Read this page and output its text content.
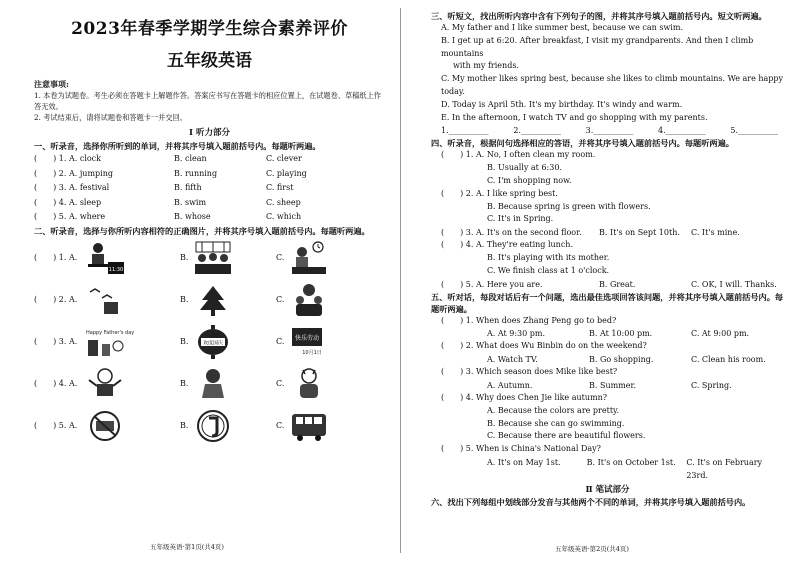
2023年春季学期学生综合素养评价
五年级英语
注意事项:
1. 本卷为试题卷。考生必须在答题卡上解题作答。答案应书写在答题卡的相应位置上，在试题卷、草稿纸上作答无效。
2. 考试结束后，请将试题卷和答题卡一并交回。
Ⅰ 听力部分
一、听录音，选择你所听到的单词，并将其序号填入题前括号内。每题听两遍。
(　　) 1. A. clock	B. clean	C. clever
(　　) 2. A. jumping	B. running	C. playing
(　　) 3. A. festival	B. fifth	C. first
(　　) 4. A. sleep	B. swim	C. sheep
(　　) 5. A. where	B. whose	C. which
二、听录音，选择与你所听内容相符的正确图片，并将其序号填入题前括号内。每题听两遍。
(　　) 1. A.
11:30
B.	C.
(　　) 2. A.	B.	C.
(　　) 3. A.
Happy Father's day
B.	欢度国庆	C.	快乐劳动
10月1日
(　　) 4. A.	B.	C.
(　　) 5. A.	B.	C.
五年级英语·第1页(共4页)
三、听短文，找出所听内容中含有下列句子的图，并将其序号填入题前括号内。短文听两遍。
A. My father and I like summer best, because we can swim.
B. I get up at 6:20. After breakfast, I visit my grandparents. And then I climb mountains
with my friends.
C. My mother likes spring best, because she likes to climb mountains. We are happy today.
D. Today is April 5th. It's my birthday. It's windy and warm.
E. In the afternoon, I watch TV and go shopping with my parents.
1.__________	2.__________	3.__________	4.__________	5.__________
四、听录音，根据问句选择相应的答语，并将其序号填入题前括号内。每题听两遍。
(　　) 1. A. No, I often clean my room.
B. Usually at 6:30.
C. I'm shopping now.
(　　) 2. A. I like spring best.
B. Because spring is green with flowers.
C. It's in Spring.
(　　) 3. A. It's on the second floor.	B. It's on Sept 10th.	C. It's mine.
(　　) 4. A. They're eating lunch.
B. It's playing with its mother.
C. We finish class at 1 o'clock.
(　　) 5. A. Here you are.	B. Great.	C. OK, I will. Thanks.
五、听对话，每段对话后有一个问题，选出最佳选项回答该问题，并将其序号填入题前括号内。每题听两遍。
(　　) 1. When does Zhang Peng go to bed?
A. At 9:30 pm.	B. At 10:00 pm.	C. At 9:00 pm.
(　　) 2. What does Wu Binbin do on the weekend?
A. Watch TV.	B. Go shopping.	C. Clean his room.
(　　) 3. Which season does Mike like best?
A. Autumn.	B. Summer.	C. Spring.
(　　) 4. Why does Chen Jie like autumn?
A. Because the colors are pretty.
B. Because she can go swimming.
C. Because there are beautiful flowers.
(　　) 5. When is China's National Day?
A. It's on May 1st.	B. It's on October 1st.	C. It's on February 23rd.
Ⅱ 笔试部分
六、找出下列每组中划线部分发音与其他两个不同的单词，并将其序号填入题前括号内。
五年级英语·第2页(共4页)
